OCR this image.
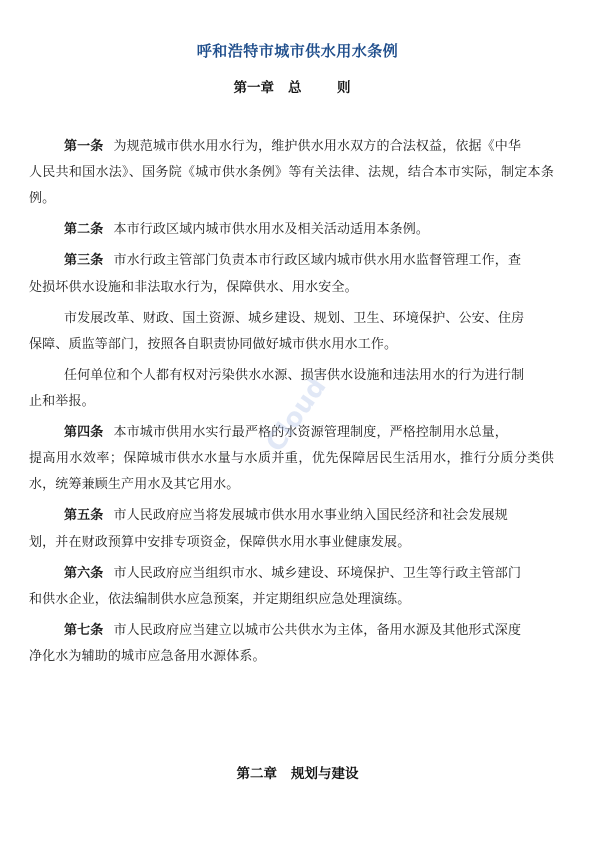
呼和浩特市城市供水用水条例
第一章 总　则

第一条 为规范城市供水用水行为，维护供水用水双方的合法权益，依据《中华
人民共和国水法》、国务院《城市供水条例》等有关法律、法规，结合本市实际，制定本条例。

第二条 本市行政区域内城市供水用水及相关活动适用本条例。

第三条 市水行政主管部门负责本市行政区域内城市供水用水监督管理工作，查
处损坏供水设施和非法取水行为，保障供水、用水安全。

市发展改革、财政、国土资源、城乡建设、规划、卫生、环境保护、公安、住房
保障、质监等部门，按照各自职责协同做好城市供水用水工作。

任何单位和个人都有权对污染供水水源、损害供水设施和违法用水的行为进行制
止和举报。

第四条 本市城市供用水实行最严格的水资源管理制度，严格控制用水总量，
提高用水效率；保障城市供水水量与水质并重，优先保障居民生活用水，推行分质分类供水，统筹兼顾生产用水及其它用水。

第五条 市人民政府应当将发展城市供水用水事业纳入国民经济和社会发展规
划，并在财政预算中安排专项资金，保障供水用水事业健康发展。

第六条 市人民政府应当组织市水、城乡建设、环境保护、卫生等行政主管部门
和供水企业，依法编制供水应急预案，并定期组织应急处理演练。

第七条 市人民政府应当建立以城市公共供水为主体，备用水源及其他形式深度
净化水为辅助的城市应急备用水源体系。

Cloud
第二章 规划与建设
